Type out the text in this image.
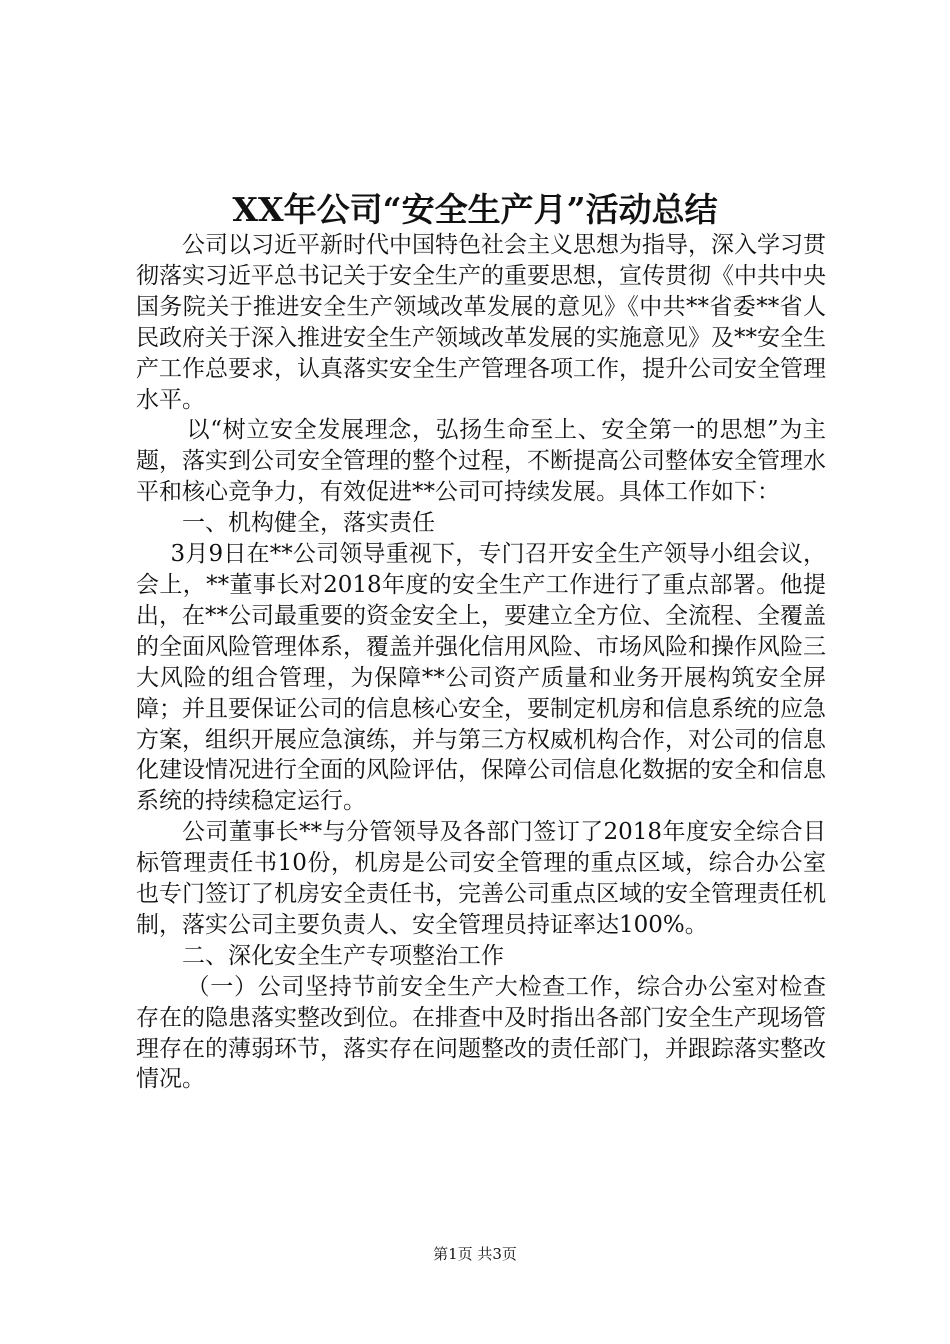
XX年公司“安全生产月”活动总结

公司以习近平新时代中国特色社会主义思想为指导，深入学习贯彻落实习近平总书记关于安全生产的重要思想，宣传贯彻《中共中央国务院关于推进安全生产领域改革发展的意见》《中共**省委**省人民政府关于深入推进安全生产领域改革发展的实施意见》及**安全生产工作总要求，认真落实安全生产管理各项工作，提升公司安全管理水平。

以“树立安全发展理念，弘扬生命至上、安全第一的思想”为主题，落实到公司安全管理的整个过程，不断提高公司整体安全管理水平和核心竞争力，有效促进**公司可持续发展。具体工作如下：

一、机构健全，落实责任

3月9日在**公司领导重视下，专门召开安全生产领导小组会议，会上，**董事长对2018年度的安全生产工作进行了重点部署。他提出，在**公司最重要的资金安全上，要建立全方位、全流程、全覆盖的全面风险管理体系，覆盖并强化信用风险、市场风险和操作风险三大风险的组合管理，为保障**公司资产质量和业务开展构筑安全屏障；并且要保证公司的信息核心安全，要制定机房和信息系统的应急方案，组织开展应急演练，并与第三方权威机构合作，对公司的信息化建设情况进行全面的风险评估，保障公司信息化数据的安全和信息系统的持续稳定运行。

公司董事长**与分管领导及各部门签订了2018年度安全综合目标管理责任书10份，机房是公司安全管理的重点区域，综合办公室也专门签订了机房安全责任书，完善公司重点区域的安全管理责任机制，落实公司主要负责人、安全管理员持证率达100%。

二、深化安全生产专项整治工作

（一）公司坚持节前安全生产大检查工作，综合办公室对检查存在的隐患落实整改到位。在排查中及时指出各部门安全生产现场管理存在的薄弱环节，落实存在问题整改的责任部门，并跟踪落实整改情况。

第1页 共3页
